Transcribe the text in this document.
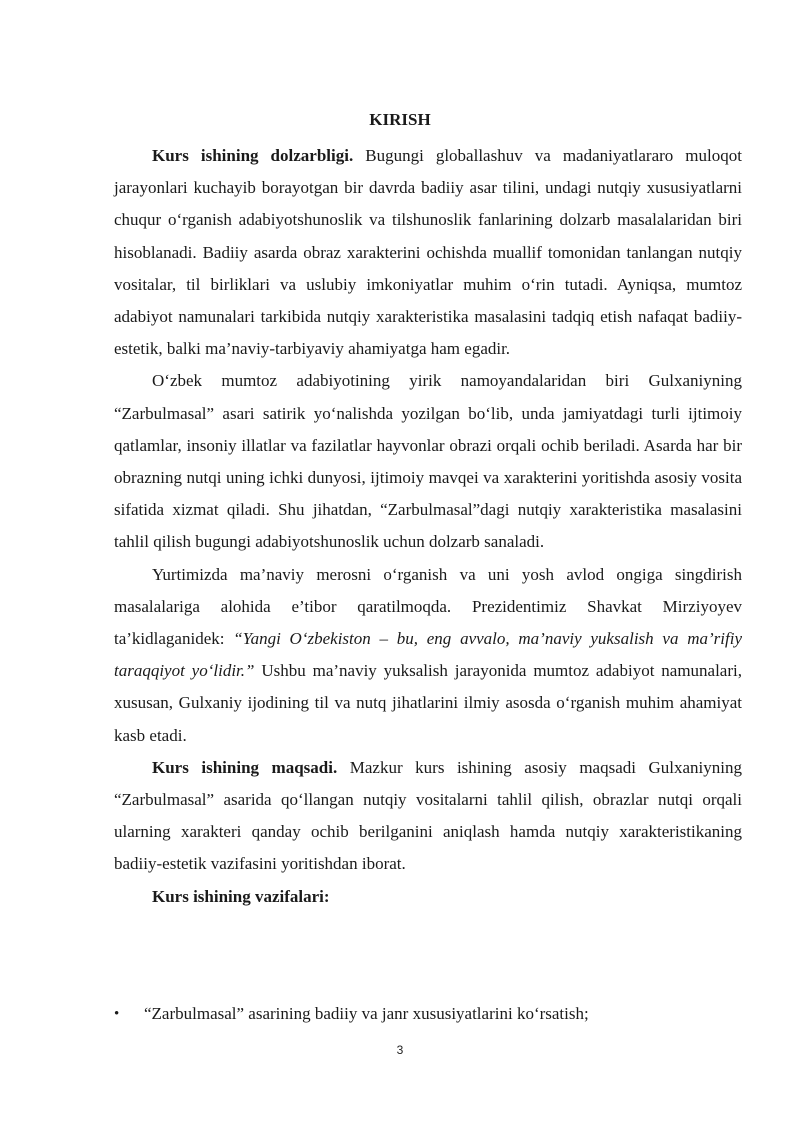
KIRISH

Kurs ishining dolzarbligi. Bugungi globallashuv va madaniyatlararo muloqot jarayonlari kuchayib borayotgan bir davrda badiiy asar tilini, undagi nutqiy xususiyatlarni chuqur o‘rganish adabiyotshunoslik va tilshunoslik fanlarining dolzarb masalalaridan biri hisoblanadi. Badiiy asarda obraz xarakterini ochishda muallif tomonidan tanlangan nutqiy vositalar, til birliklari va uslubiy imkoniyatlar muhim o‘rin tutadi. Ayniqsa, mumtoz adabiyot namunalari tarkibida nutqiy xarakteristika masalasini tadqiq etish nafaqat badiiy-estetik, balki ma’naviy-tarbiyaviy ahamiyatga ham egadir.

O‘zbek mumtoz adabiyotining yirik namoyandalaridan biri Gulxaniyning “Zarbulmasal” asari satirik yo‘nalishda yozilgan bo‘lib, unda jamiyatdagi turli ijtimoiy qatlamlar, insoniy illatlar va fazilatlar hayvonlar obrazi orqali ochib beriladi. Asarda har bir obrazning nutqi uning ichki dunyosi, ijtimoiy mavqei va xarakterini yoritishda asosiy vosita sifatida xizmat qiladi. Shu jihatdan, “Zarbulmasal”dagi nutqiy xarakteristika masalasini tahlil qilish bugungi adabiyotshunoslik uchun dolzarb sanaladi.

Yurtimizda ma’naviy merosni o‘rganish va uni yosh avlod ongiga singdirish masalalariga alohida e’tibor qaratilmoqda. Prezidentimiz Shavkat Mirziyoyev ta’kidlaganidek: “Yangi O‘zbekiston – bu, eng avvalo, ma’naviy yuksalish va ma’rifiy taraqqiyot yo‘lidir.” Ushbu ma’naviy yuksalish jarayonida mumtoz adabiyot namunalari, xususan, Gulxaniy ijodining til va nutq jihatlarini ilmiy asosda o‘rganish muhim ahamiyat kasb etadi.

Kurs ishining maqsadi. Mazkur kurs ishining asosiy maqsadi Gulxaniyning “Zarbulmasal” asarida qo‘llangan nutqiy vositalarni tahlil qilish, obrazlar nutqi orqali ularning xarakteri qanday ochib berilganini aniqlash hamda nutqiy xarakteristikaning badiiy-estetik vazifasini yoritishdan iborat.

Kurs ishining vazifalari:

• “Zarbulmasal” asarining badiiy va janr xususiyatlarini ko‘rsatish;
3
